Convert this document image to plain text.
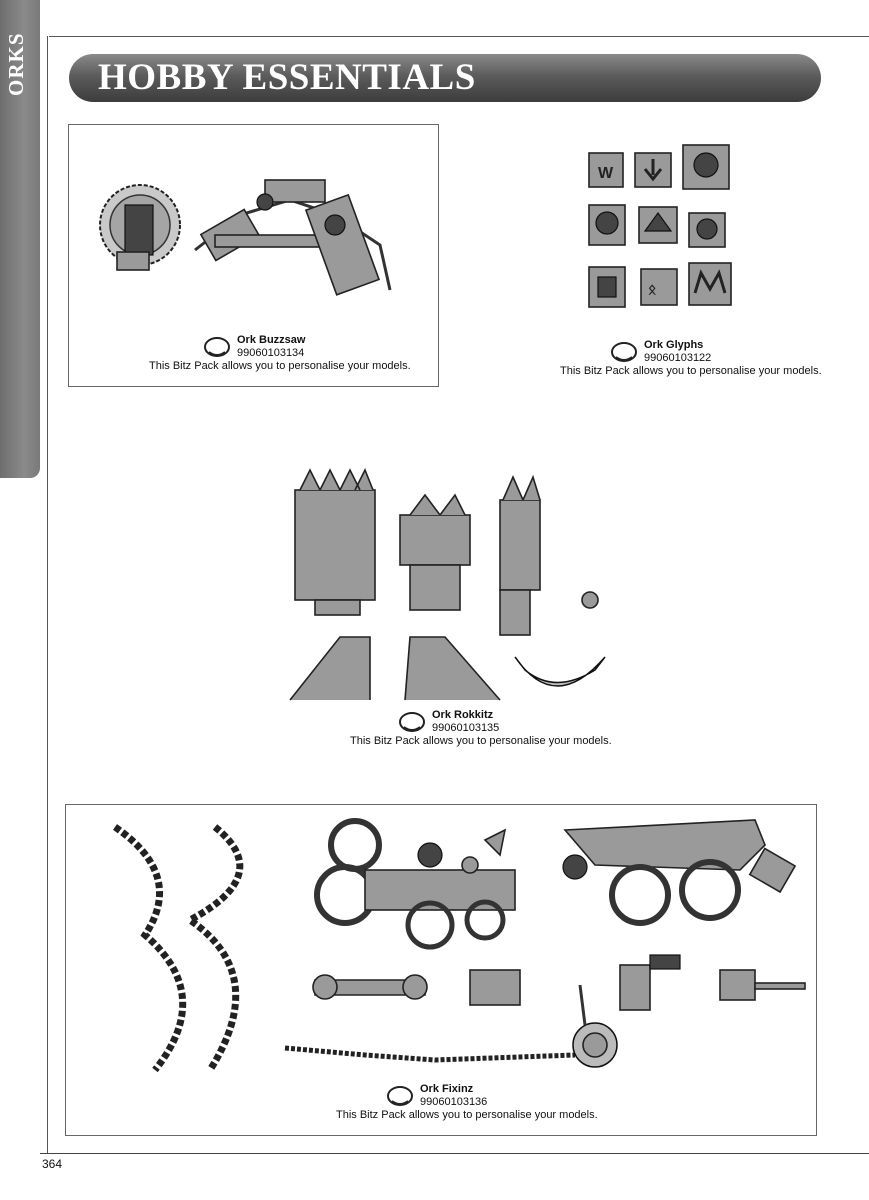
ORKS HOBBY ESSENTIALS
Ork Buzzsaw
99060103134
This Bitz Pack allows you to personalise your models.
W
ᛟ
Ork Glyphs
99060103122
This Bitz Pack allows you to personalise your models.
Ork Rokkitz
99060103135
This Bitz Pack allows you to personalise your models.
Ork Fixinz
99060103136
This Bitz Pack allows you to personalise your models.
364
